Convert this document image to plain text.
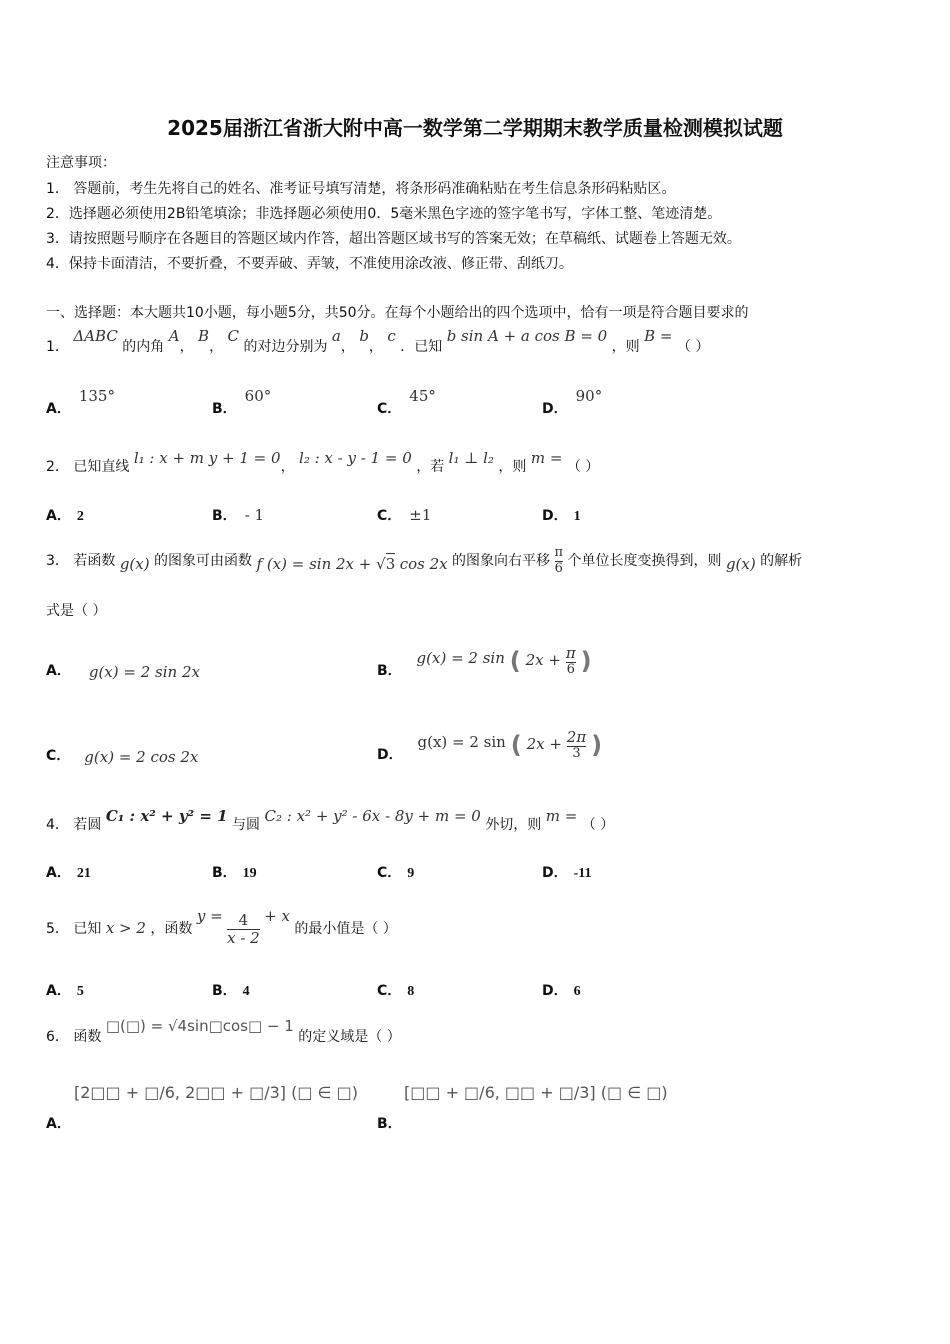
2025届浙江省浙大附中高一数学第二学期期末教学质量检测模拟试题
注意事项：
1． 答题前，考生先将自己的姓名、准考证号填写清楚，将条形码准确粘贴在考生信息条形码粘贴区。
2．选择题必须使用2B铅笔填涂；非选择题必须使用0．5毫米黑色字迹的签字笔书写，字体工整、笔迹清楚。
3．请按照题号顺序在各题目的答题区域内作答，超出答题区域书写的答案无效；在草稿纸、试题卷上答题无效。
4．保持卡面清洁，不要折叠，不要弄破、弄皱，不准使用涂改液、修正带、刮纸刀。
一、选择题：本大题共10小题，每小题5分，共50分。在每个小题给出的四个选项中，恰有一项是符合题目要求的
1． ΔABC 的内角 A， B， C 的对边分别为 a， b， c ．已知 b sin A + a cos B = 0 ，则 B = （ ）
A．135°
B．60°
C．45°
D．90°
2． 已知直线 l₁ : x + m y + 1 = 0， l₂ : x - y - 1 = 0 ，若 l₁ ⊥ l₂ ，则 m = （ ）
A． 2	B． - 1	C． ±1	D． 1
3． 若函数 g(x) 的图象可由函数 f (x) = sin 2x + √3 cos 2x 的图象向右平移 $\frac{\pi}{6}$ 个单位长度变换得到，则 g(x) 的解析
式是（ ）
A． g(x) = 2 sin 2x	B． g(x) = 2 sin ( $2x + \frac{\pi}{6}$ )
C． g(x) = 2 cos 2x	D． g(x) = 2 sin ( $2x + \frac{2\pi}{3}$ )
4． 若圆 C₁ : x² + y² = 1 与圆 C₂ : x² + y² - 6x - 8y + m = 0 外切，则 m = （ ）
A． 21	B． 19	C． 9	D． -11
5． 已知 x > 2 ，函数 $y = \frac{4}{x - 2} + x$ 的最小值是（ ）
A． 5	B． 4	C． 8	D． 6
6． 函数 □(□) = √4sin□cos□ − 1 的定义域是（ ）
[2□□ + □/6, 2□□ + □/3] (□ ∈ □)
A．
[□□ + □/6, □□ + □/3] (□ ∈ □)
B．
